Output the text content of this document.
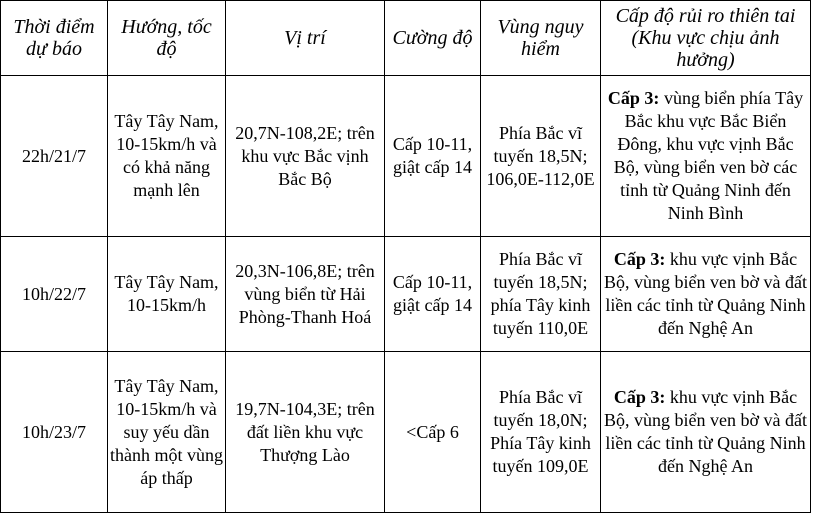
Thời điểm dự báo	Hướng, tốc độ	Vị trí	Cường độ	Vùng nguy hiểm	Cấp độ rủi ro thiên tai (Khu vực chịu ảnh hưởng)
22h/21/7	Tây Tây Nam, 10-15km/h và có khả năng mạnh lên	20,7N-108,2E; trên khu vực Bắc vịnh Bắc Bộ	Cấp 10-11, giật cấp 14	Phía Bắc vĩ tuyến 18,5N; 106,0E-112,0E	Cấp 3: vùng biển phía Tây Bắc khu vực Bắc Biển Đông, khu vực vịnh Bắc Bộ, vùng biển ven bờ các tỉnh từ Quảng Ninh đến Ninh Bình
10h/22/7	Tây Tây Nam, 10-15km/h	20,3N-106,8E; trên vùng biển từ Hải Phòng-Thanh Hoá	Cấp 10-11, giật cấp 14	Phía Bắc vĩ tuyến 18,5N; phía Tây kinh tuyến 110,0E	Cấp 3: khu vực vịnh Bắc Bộ, vùng biển ven bờ và đất liền các tỉnh từ Quảng Ninh đến Nghệ An
10h/23/7	Tây Tây Nam, 10-15km/h và suy yếu dần thành một vùng áp thấp	19,7N-104,3E; trên đất liền khu vực Thượng Lào	<Cấp 6	Phía Bắc vĩ tuyến 18,0N; Phía Tây kinh tuyến 109,0E	Cấp 3: khu vực vịnh Bắc Bộ, vùng biển ven bờ và đất liền các tỉnh từ Quảng Ninh đến Nghệ An
